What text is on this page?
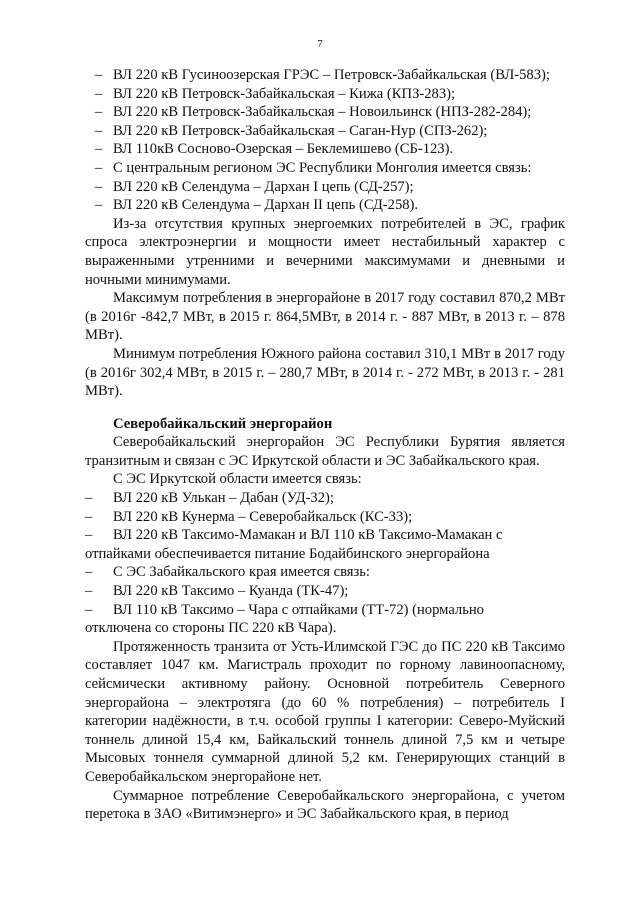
7
– ВЛ 220 кВ Гусиноозерская ГРЭС – Петровск-Забайкальская (ВЛ-583);
– ВЛ 220 кВ Петровск-Забайкальская – Кижа (КПЗ-283);
– ВЛ 220 кВ Петровск-Забайкальская – Новоильинск (НПЗ-282-284);
– ВЛ 220 кВ Петровск-Забайкальская – Саган-Нур (СПЗ-262);
– ВЛ 110кВ Сосново-Озерская – Беклемишево (СБ-123).
– С центральным регионом ЭС Республики Монголия имеется связь:
– ВЛ 220 кВ Селендума – Дархан I цепь (СД-257);
– ВЛ 220 кВ Селендума – Дархан II цепь (СД-258).
Из-за отсутствия крупных энергоемких потребителей в ЭС, график спроса электроэнергии и мощности имеет нестабильный характер с выраженными утренними и вечерними максимумами и дневными и ночными минимумами.
Максимум потребления в энергорайоне в 2017 году составил 870,2 МВт (в 2016г -842,7 МВт, в 2015 г. 864,5МВт, в 2014 г. - 887 МВт, в 2013 г. – 878 МВт).
Минимум потребления Южного района составил 310,1 МВт в 2017 году (в 2016г 302,4 МВт, в 2015 г. – 280,7 МВт, в 2014 г. - 272 МВт, в 2013 г. - 281 МВт).
Северобайкальский энергорайон
Северобайкальский энергорайон ЭС Республики Бурятия является транзитным и связан с ЭС Иркутской области и ЭС Забайкальского края.
С ЭС Иркутской области имеется связь:
– ВЛ 220 кВ Улькан – Дабан (УД-32);
– ВЛ 220 кВ Кунерма – Северобайкальск (КС-33);
– ВЛ 220 кВ Таксимо-Мамакан и ВЛ 110 кВ Таксимо-Мамакан с
отпайками обеспечивается питание Бодайбинского энергорайона
– С ЭС Забайкальского края имеется связь:
– ВЛ 220 кВ Таксимо – Куанда (ТК-47);
– ВЛ 110 кВ Таксимо – Чара с отпайками (ТТ-72) (нормально
отключена со стороны ПС 220 кВ Чара).
Протяженность транзита от Усть-Илимской ГЭС до ПС 220 кВ Таксимо составляет 1047 км. Магистраль проходит по горному лавиноопасному, сейсмически активному району. Основной потребитель Северного энергорайона – электротяга (до 60 % потребления) – потребитель I категории надёжности, в т.ч. особой группы I категории: Северо-Муйский тоннель длиной 15,4 км, Байкальский тоннель длиной 7,5 км и четыре Мысовых тоннеля суммарной длиной 5,2 км. Генерирующих станций в Северобайкальском энергорайоне нет.
Суммарное потребление Северобайкальского энергорайона, с учетом перетока в ЗАО «Витимэнерго» и ЭС Забайкальского края, в период
